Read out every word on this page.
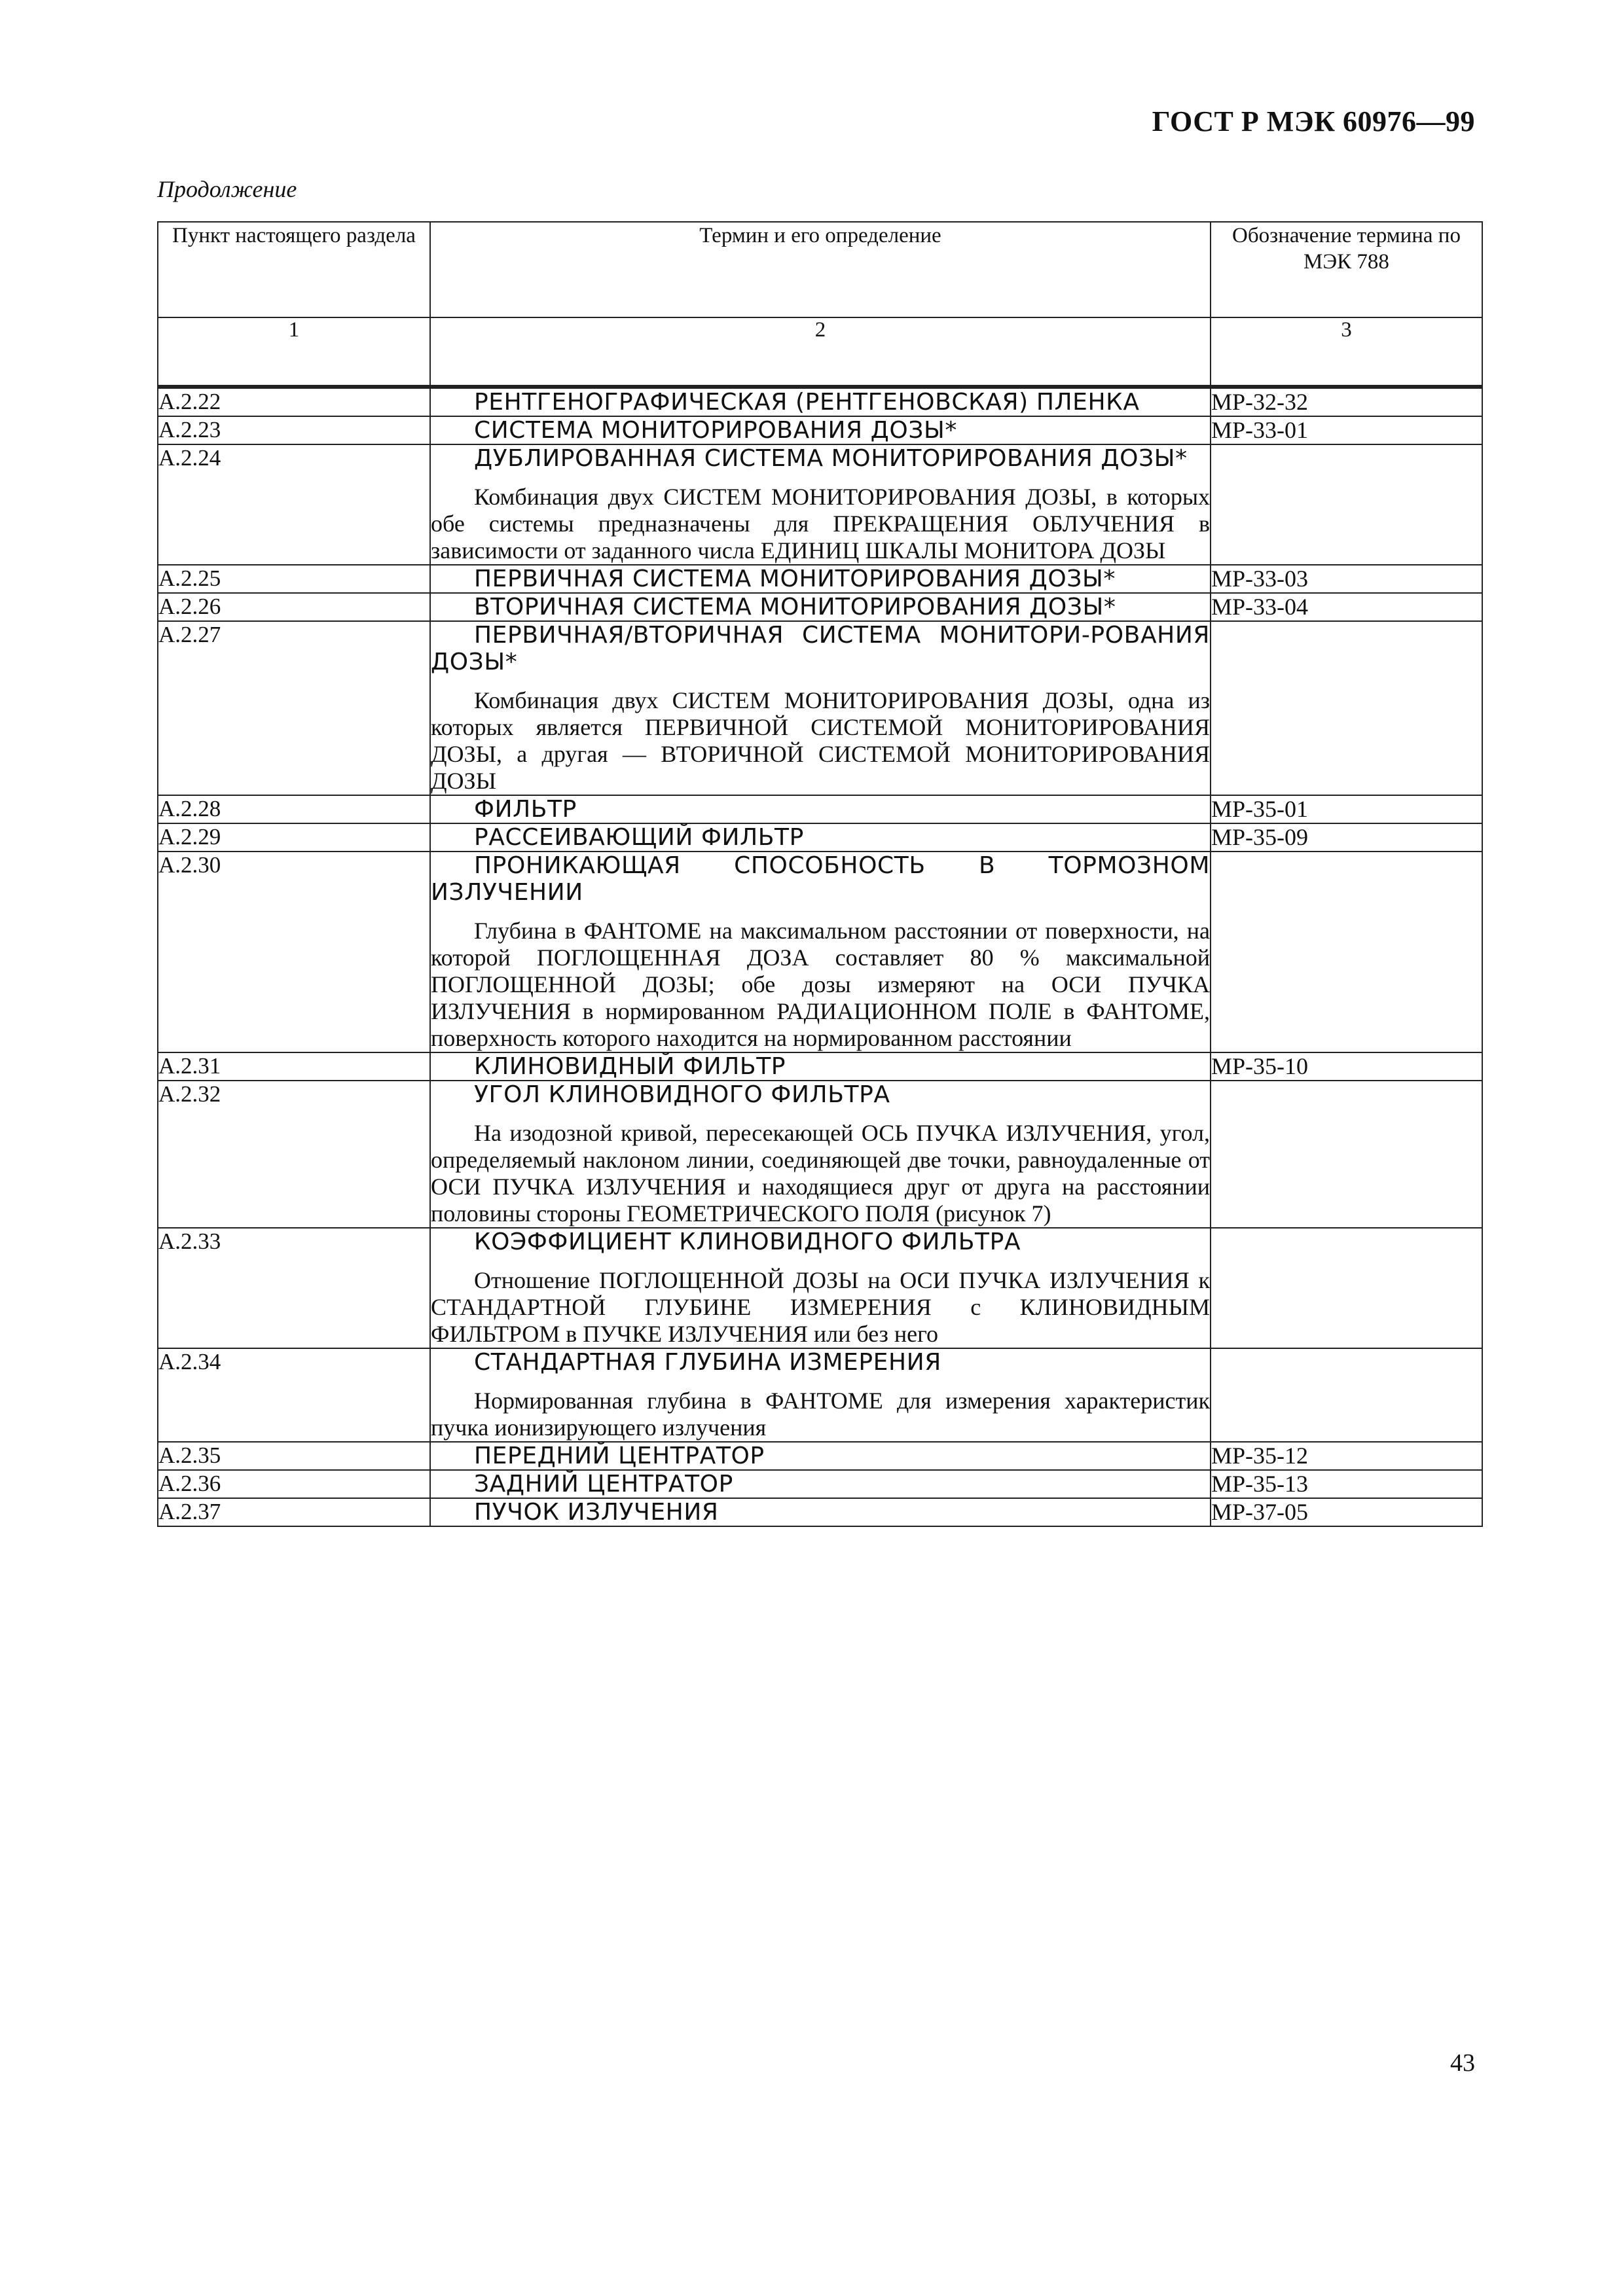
ГОСТ Р МЭК 60976—99
Продолжение
Пункт настоящего раздела	Термин и его определение	Обозначение термина по МЭК 788
1	2	3
А.2.22	РЕНТГЕНОГРАФИЧЕСКАЯ (РЕНТГЕНОВСКАЯ) ПЛЕНКА	MP-32-32
А.2.23	СИСТЕМА МОНИТОРИРОВАНИЯ ДОЗЫ*	MP-33-01
А.2.24	ДУБЛИРОВАННАЯ СИСТЕМА МОНИТОРИРОВАНИЯ ДОЗЫ*
Комбинация двух СИСТЕМ МОНИТОРИРОВАНИЯ ДОЗЫ, в которых обе системы предназначены для ПРЕКРАЩЕНИЯ ОБЛУЧЕНИЯ в зависимости от заданного числа ЕДИНИЦ ШКАЛЫ МОНИТОРА ДОЗЫ	

А.2.25	ПЕРВИЧНАЯ СИСТЕМА МОНИТОРИРОВАНИЯ ДОЗЫ*	MP-33-03
А.2.26	ВТОРИЧНАЯ СИСТЕМА МОНИТОРИРОВАНИЯ ДОЗЫ*	MP-33-04
А.2.27	ПЕРВИЧНАЯ/ВТОРИЧНАЯ СИСТЕМА МОНИТОРИ-РОВАНИЯ ДОЗЫ*
Комбинация двух СИСТЕМ МОНИТОРИРОВАНИЯ ДОЗЫ, одна из которых является ПЕРВИЧНОЙ СИСТЕМОЙ МОНИТОРИРОВАНИЯ ДОЗЫ, а другая — ВТОРИЧНОЙ СИСТЕМОЙ МОНИТОРИРОВАНИЯ ДОЗЫ	

А.2.28	ФИЛЬТР	MP-35-01
А.2.29	РАССЕИВАЮЩИЙ ФИЛЬТР	MP-35-09
А.2.30	ПРОНИКАЮЩАЯ СПОСОБНОСТЬ В ТОРМОЗНОМ ИЗЛУЧЕНИИ
Глубина в ФАНТОМЕ на максимальном расстоянии от поверхности, на которой ПОГЛОЩЕННАЯ ДОЗА составляет 80 % максимальной ПОГЛОЩЕННОЙ ДОЗЫ; обе дозы измеряют на ОСИ ПУЧКА ИЗЛУЧЕНИЯ в нормированном РАДИАЦИОННОМ ПОЛЕ в ФАНТОМЕ, поверхность которого находится на нормированном расстоянии	

А.2.31	КЛИНОВИДНЫЙ ФИЛЬТР	MP-35-10
А.2.32	УГОЛ КЛИНОВИДНОГО ФИЛЬТРА
На изодозной кривой, пересекающей ОСЬ ПУЧКА ИЗЛУЧЕНИЯ, угол, определяемый наклоном линии, соединяющей две точки, равноудаленные от ОСИ ПУЧКА ИЗЛУЧЕНИЯ и находящиеся друг от друга на расстоянии половины стороны ГЕОМЕТРИЧЕСКОГО ПОЛЯ (рисунок 7)	

А.2.33	КОЭФФИЦИЕНТ КЛИНОВИДНОГО ФИЛЬТРА
Отношение ПОГЛОЩЕННОЙ ДОЗЫ на ОСИ ПУЧКА ИЗЛУЧЕНИЯ к СТАНДАРТНОЙ ГЛУБИНЕ ИЗМЕРЕНИЯ с КЛИНОВИДНЫМ ФИЛЬТРОМ в ПУЧКЕ ИЗЛУЧЕНИЯ или без него	

А.2.34	СТАНДАРТНАЯ ГЛУБИНА ИЗМЕРЕНИЯ
Нормированная глубина в ФАНТОМЕ для измерения характеристик пучка ионизирующего излучения	

А.2.35	ПЕРЕДНИЙ ЦЕНТРАТОР	MP-35-12
А.2.36	ЗАДНИЙ ЦЕНТРАТОР	MP-35-13
А.2.37	ПУЧОК ИЗЛУЧЕНИЯ	MP-37-05
43
